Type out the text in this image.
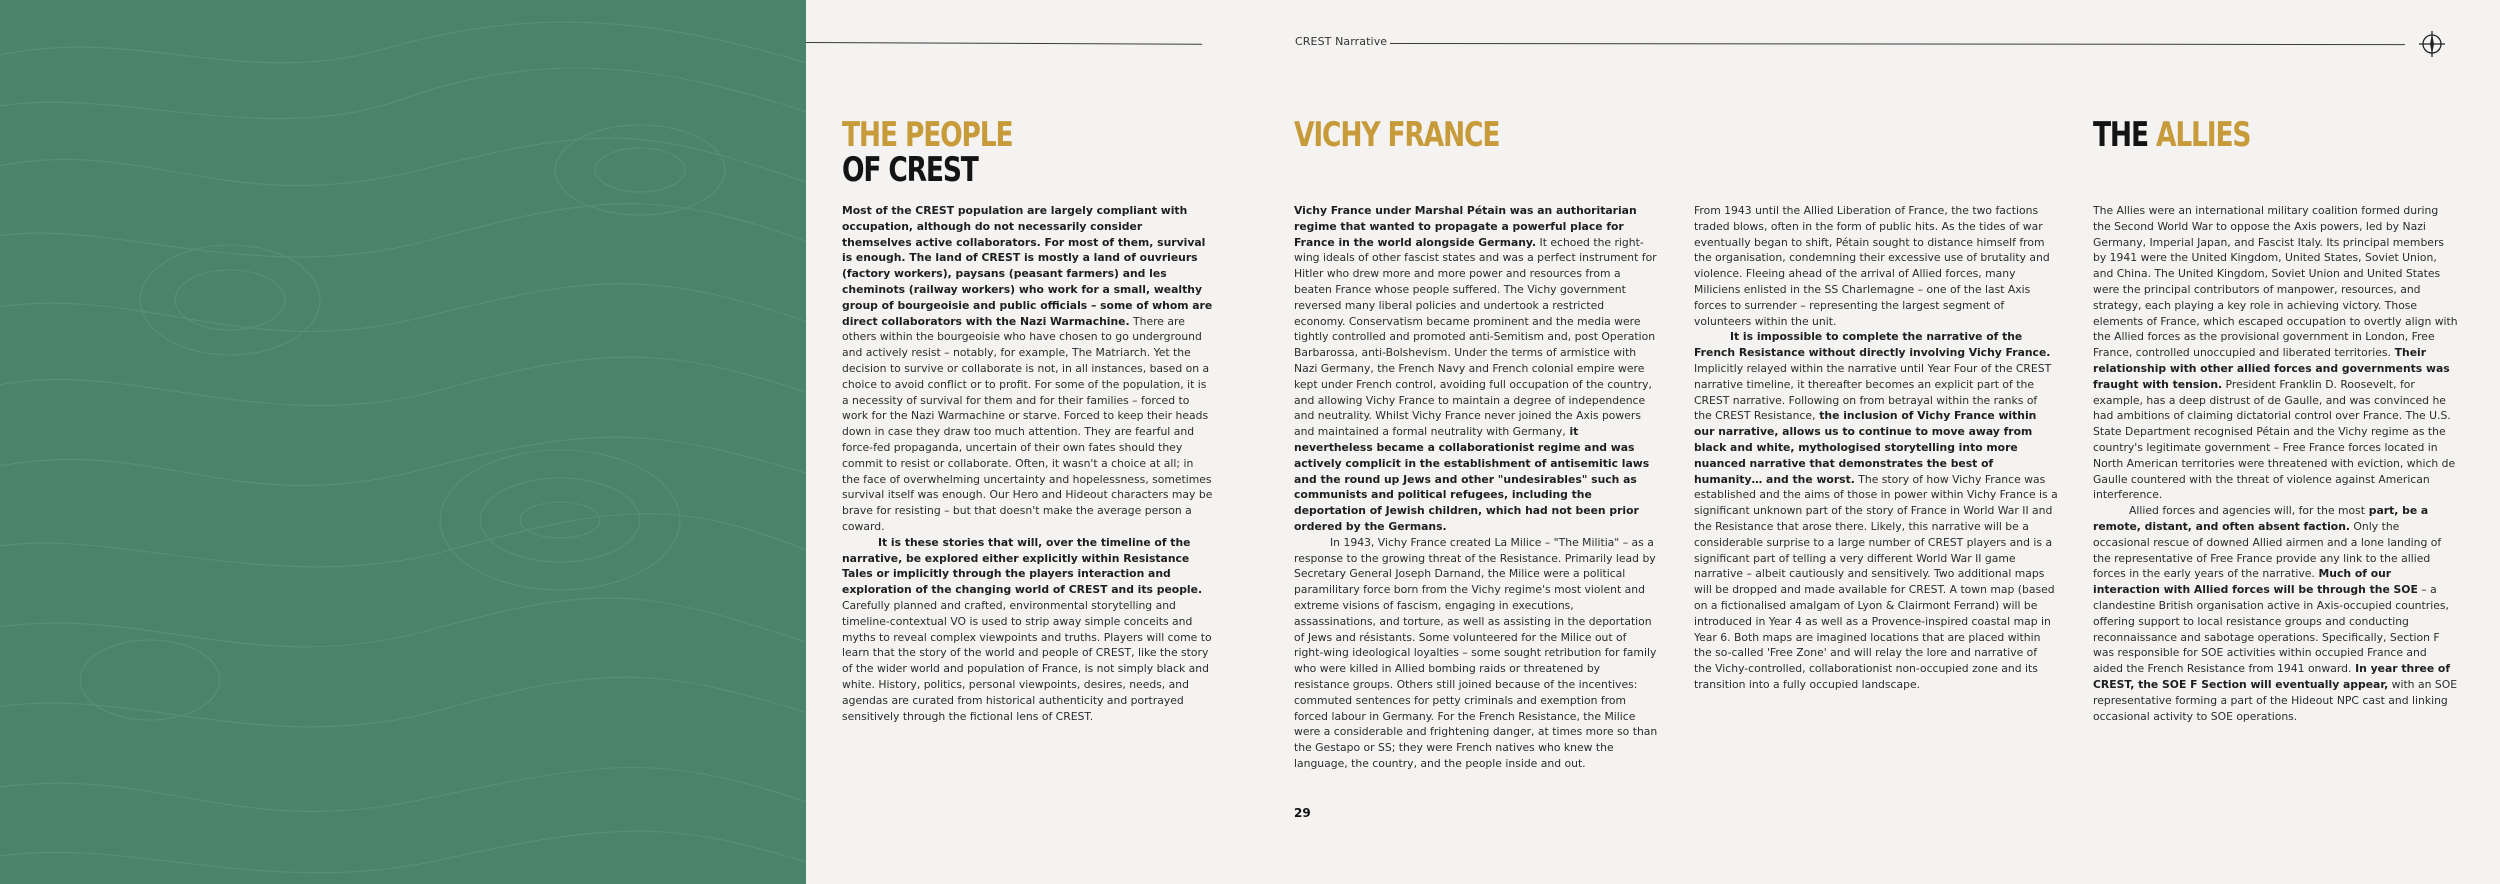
CREST Narrative
THE PEOPLE
OF CREST

Most of the CREST population are largely compliant with occupation, although do not necessarily consider themselves active collaborators. For most of them, survival is enough. The land of CREST is mostly a land of ouvrieurs (factory workers), paysans (peasant farmers) and les cheminots (railway workers) who work for a small, wealthy group of bourgeoisie and public officials – some of whom are direct collaborators with the Nazi Warmachine. There are others within the bourgeoisie who have chosen to go underground and actively resist – notably, for example, The Matriarch. Yet the decision to survive or collaborate is not, in all instances, based on a choice to avoid conflict or to profit. For some of the population, it is a necessity of survival for them and for their families – forced to work for the Nazi Warmachine or starve. Forced to keep their heads down in case they draw too much attention. They are fearful and force-fed propaganda, uncertain of their own fates should they commit to resist or collaborate. Often, it wasn't a choice at all; in the face of overwhelming uncertainty and hopelessness, sometimes survival itself was enough. Our Hero and Hideout characters may be brave for resisting – but that doesn't make the average person a coward.

It is these stories that will, over the timeline of the narrative, be explored either explicitly within Resistance Tales or implicitly through the players interaction and exploration of the changing world of CREST and its people. Carefully planned and crafted, environmental storytelling and timeline-contextual VO is used to strip away simple conceits and myths to reveal complex viewpoints and truths. Players will come to learn that the story of the world and people of CREST, like the story of the wider world and population of France, is not simply black and white. History, politics, personal viewpoints, desires, needs, and agendas are curated from historical authenticity and portrayed sensitively through the fictional lens of CREST.

VICHY FRANCE

Vichy France under Marshal Pétain was an authoritarian regime that wanted to propagate a powerful place for France in the world alongside Germany. It echoed the right-wing ideals of other fascist states and was a perfect instrument for Hitler who drew more and more power and resources from a beaten France whose people suffered. The Vichy government reversed many liberal policies and undertook a restricted economy. Conservatism became prominent and the media were tightly controlled and promoted anti-Semitism and, post Operation Barbarossa, anti-Bolshevism. Under the terms of armistice with Nazi Germany, the French Navy and French colonial empire were kept under French control, avoiding full occupation of the country, and allowing Vichy France to maintain a degree of independence and neutrality. Whilst Vichy France never joined the Axis powers and maintained a formal neutrality with Germany, it nevertheless became a collaborationist regime and was actively complicit in the establishment of antisemitic laws and the round up Jews and other "undesirables" such as communists and political refugees, including the deportation of Jewish children, which had not been prior ordered by the Germans.

In 1943, Vichy France created La Milice – "The Militia" – as a response to the growing threat of the Resistance. Primarily lead by Secretary General Joseph Darnand, the Milice were a political paramilitary force born from the Vichy regime's most violent and extreme visions of fascism, engaging in executions, assassinations, and torture, as well as assisting in the deportation of Jews and résistants. Some volunteered for the Milice out of right-wing ideological loyalties – some sought retribution for family who were killed in Allied bombing raids or threatened by resistance groups. Others still joined because of the incentives: commuted sentences for petty criminals and exemption from forced labour in Germany. For the French Resistance, the Milice were a considerable and frightening danger, at times more so than the Gestapo or SS; they were French natives who knew the language, the country, and the people inside and out.

From 1943 until the Allied Liberation of France, the two factions traded blows, often in the form of public hits. As the tides of war eventually began to shift, Pétain sought to distance himself from the organisation, condemning their excessive use of brutality and violence. Fleeing ahead of the arrival of Allied forces, many Miliciens enlisted in the SS Charlemagne – one of the last Axis forces to surrender – representing the largest segment of volunteers within the unit.

It is impossible to complete the narrative of the French Resistance without directly involving Vichy France. Implicitly relayed within the narrative until Year Four of the CREST narrative timeline, it thereafter becomes an explicit part of the CREST narrative. Following on from betrayal within the ranks of the CREST Resistance, the inclusion of Vichy France within our narrative, allows us to continue to move away from black and white, mythologised storytelling into more nuanced narrative that demonstrates the best of humanity… and the worst. The story of how Vichy France was established and the aims of those in power within Vichy France is a significant unknown part of the story of France in World War II and the Resistance that arose there. Likely, this narrative will be a considerable surprise to a large number of CREST players and is a significant part of telling a very different World War II game narrative – albeit cautiously and sensitively. Two additional maps will be dropped and made available for CREST. A town map (based on a fictionalised amalgam of Lyon & Clairmont Ferrand) will be introduced in Year 4 as well as a Provence-inspired coastal map in Year 6. Both maps are imagined locations that are placed within the so-called 'Free Zone' and will relay the lore and narrative of the Vichy-controlled, collaborationist non-occupied zone and its transition into a fully occupied landscape.

THE ALLIES

The Allies were an international military coalition formed during the Second World War to oppose the Axis powers, led by Nazi Germany, Imperial Japan, and Fascist Italy. Its principal members by 1941 were the United Kingdom, United States, Soviet Union, and China. The United Kingdom, Soviet Union and United States were the principal contributors of manpower, resources, and strategy, each playing a key role in achieving victory. Those elements of France, which escaped occupation to overtly align with the Allied forces as the provisional government in London, Free France, controlled unoccupied and liberated territories. Their relationship with other allied forces and governments was fraught with tension. President Franklin D. Roosevelt, for example, has a deep distrust of de Gaulle, and was convinced he had ambitions of claiming dictatorial control over France. The U.S. State Department recognised Pétain and the Vichy regime as the country's legitimate government – Free France forces located in North American territories were threatened with eviction, which de Gaulle countered with the threat of violence against American interference.

Allied forces and agencies will, for the most part, be a remote, distant, and often absent faction. Only the occasional rescue of downed Allied airmen and a lone landing of the representative of Free France provide any link to the allied forces in the early years of the narrative. Much of our interaction with Allied forces will be through the SOE – a clandestine British organisation active in Axis-occupied countries, offering support to local resistance groups and conducting reconnaissance and sabotage operations. Specifically, Section F was responsible for SOE activities within occupied France and aided the French Resistance from 1941 onward. In year three of CREST, the SOE F Section will eventually appear, with an SOE representative forming a part of the Hideout NPC cast and linking occasional activity to SOE operations.

29
